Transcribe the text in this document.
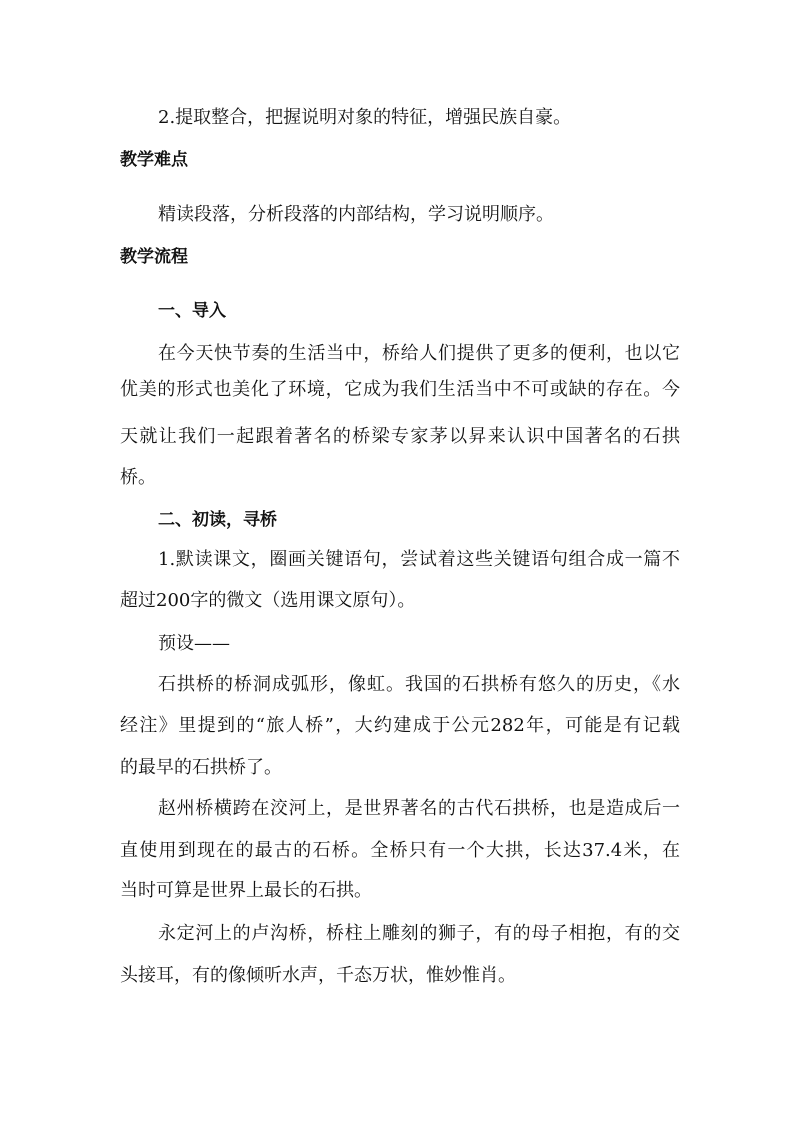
2.提取整合，把握说明对象的特征，增强民族自豪。
教学难点
精读段落，分析段落的内部结构，学习说明顺序。
教学流程
一、导入
在今天快节奏的生活当中，桥给人们提供了更多的便利，也以它
优美的形式也美化了环境，它成为我们生活当中不可或缺的存在。今
天就让我们一起跟着著名的桥梁专家茅以昇来认识中国著名的石拱
桥。
二、初读，寻桥
1.默读课文，圈画关键语句，尝试着这些关键语句组合成一篇不
超过200字的微文（选用课文原句）。
预设——
石拱桥的桥洞成弧形，像虹。我国的石拱桥有悠久的历史，《水
经注》里提到的“旅人桥”，大约建成于公元282年，可能是有记载
的最早的石拱桥了。
赵州桥横跨在洨河上，是世界著名的古代石拱桥，也是造成后一
直使用到现在的最古的石桥。全桥只有一个大拱，长达37.4米，在
当时可算是世界上最长的石拱。
永定河上的卢沟桥，桥柱上雕刻的狮子，有的母子相抱，有的交
头接耳，有的像倾听水声，千态万状，惟妙惟肖。
